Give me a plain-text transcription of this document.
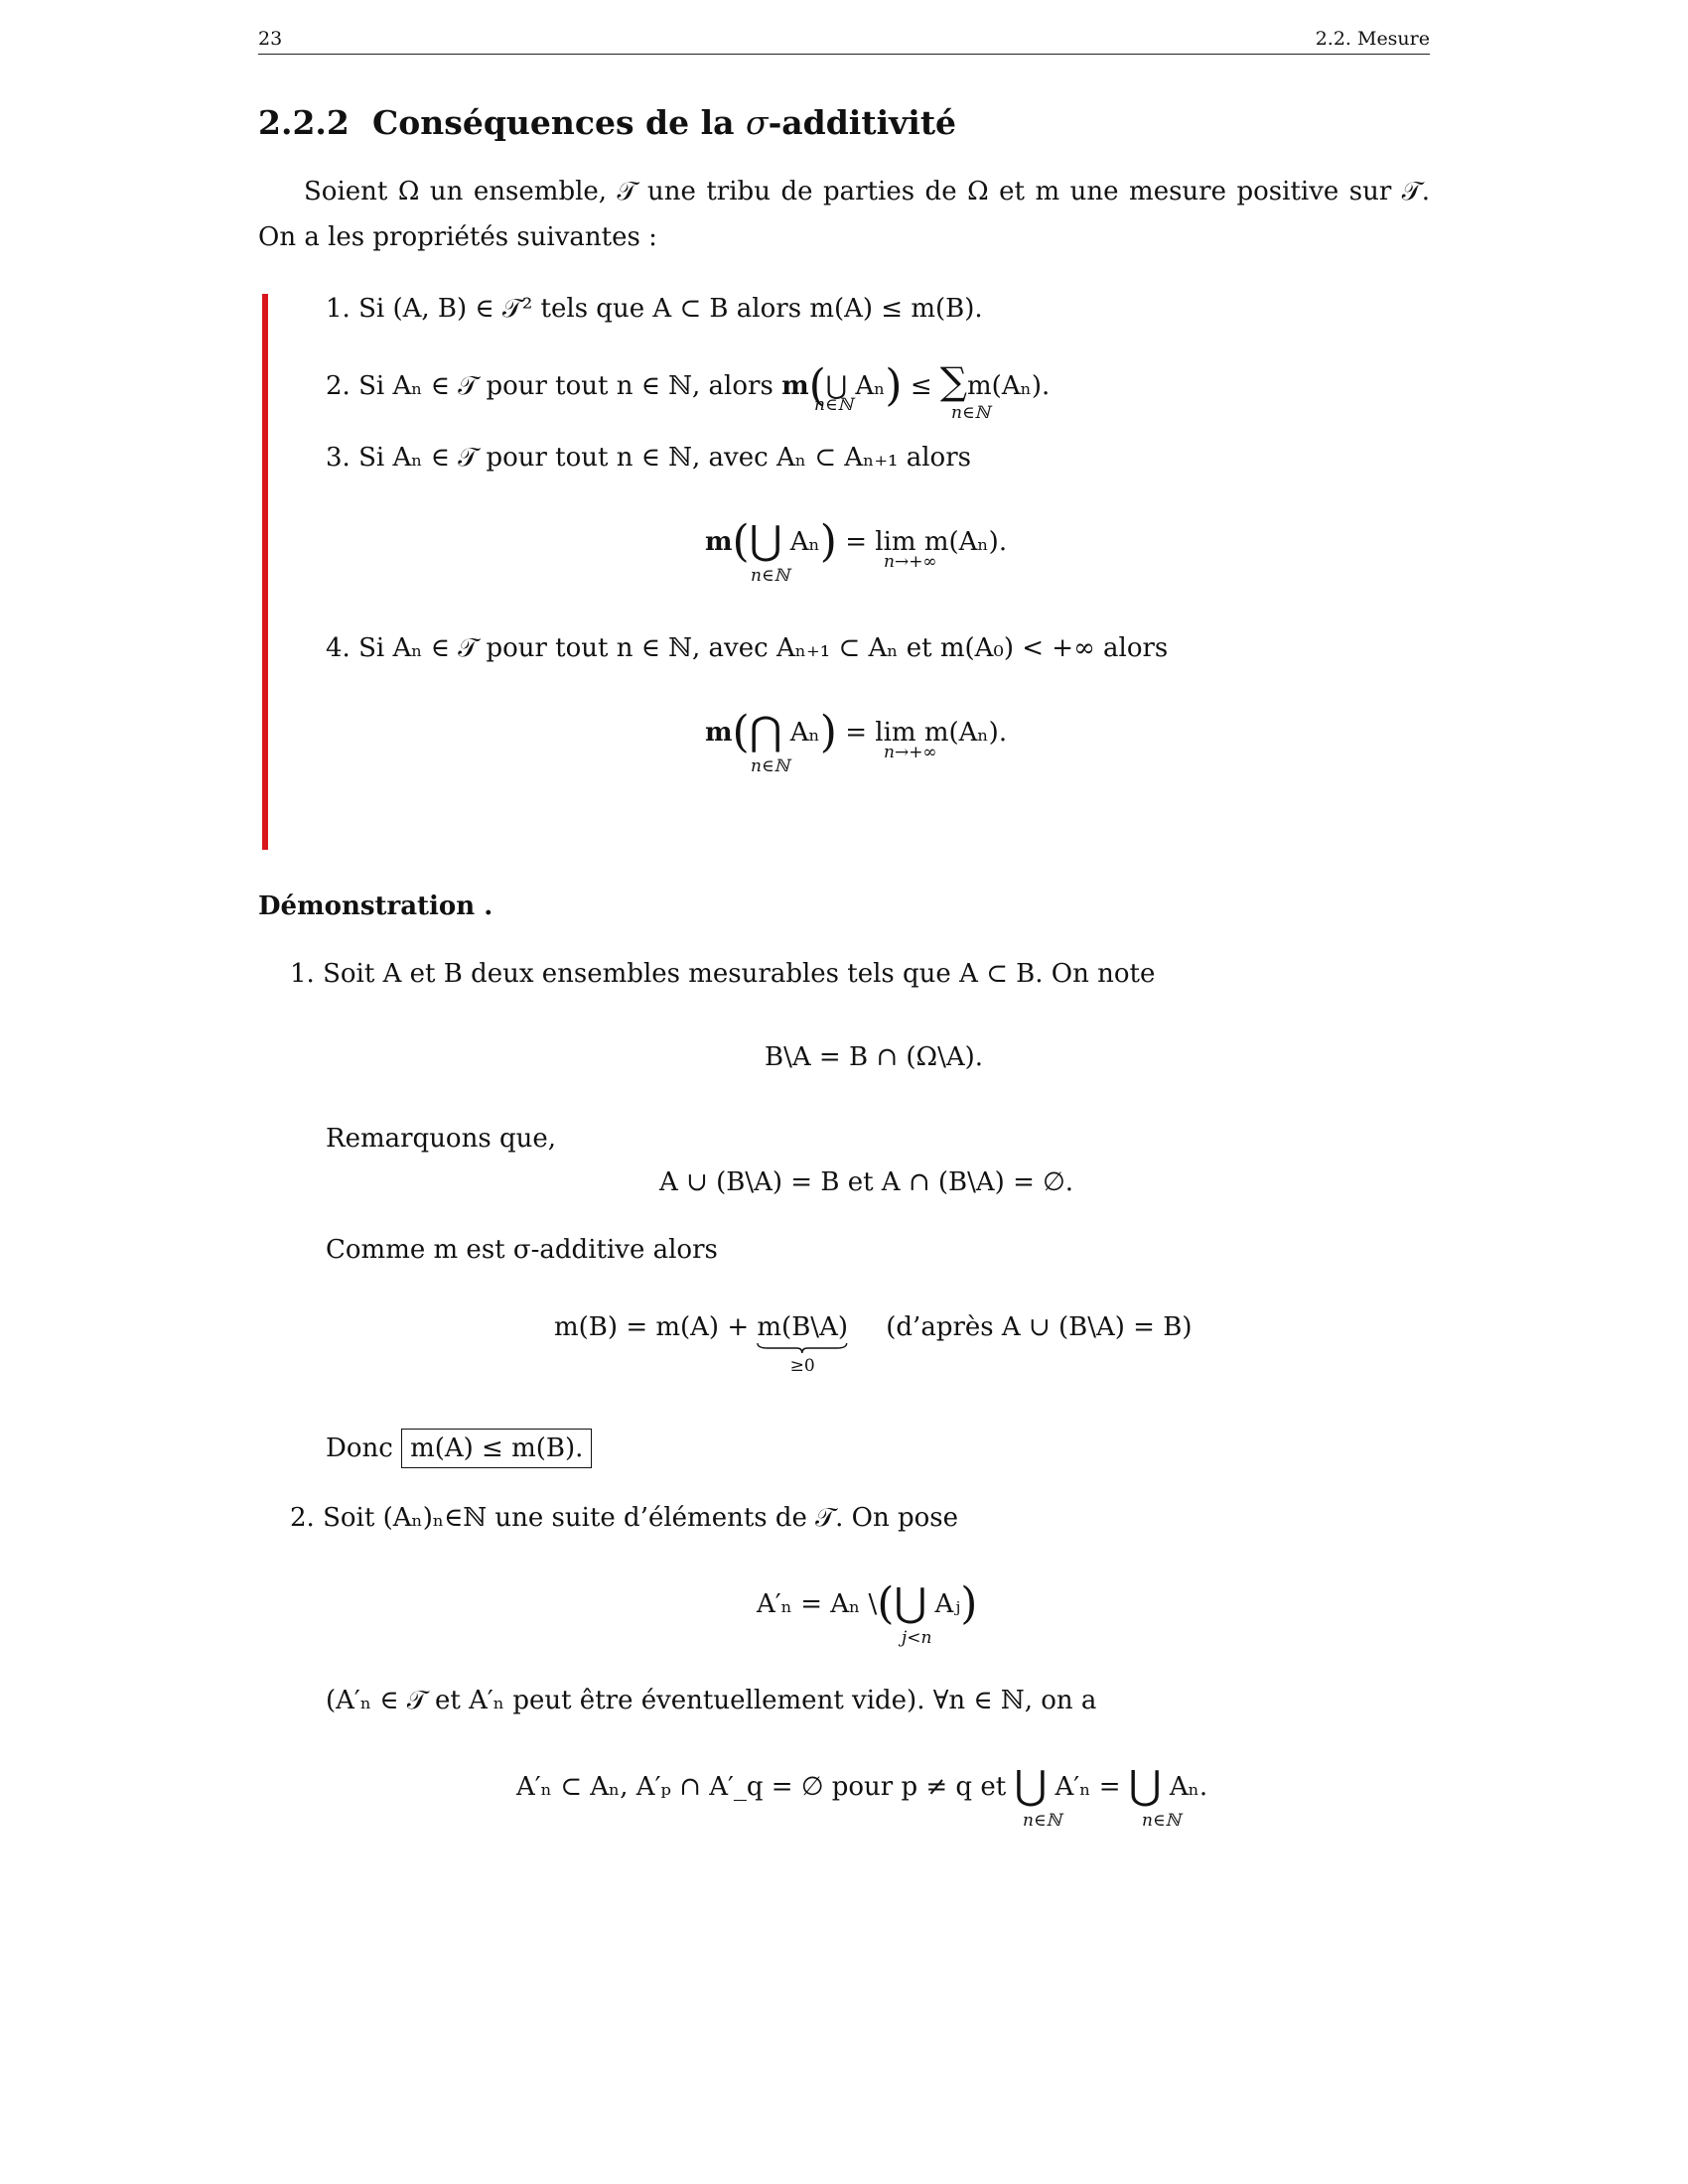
23	2.2. Mesure
2.2.2 Conséquences de la σ-additivité
Soient Ω un ensemble, 𝒯 une tribu de parties de Ω et m une mesure positive sur 𝒯. On a les propriétés suivantes :
1. Si (A, B) ∈ 𝒯² tels que A ⊂ B alors m(A) ≤ m(B).
2. Si Aₙ ∈ 𝒯 pour tout n ∈ ℕ, alors m(⋃ Aₙ) ≤ ∑m(Aₙ).
n∈ℕ	n∈ℕ
3. Si Aₙ ∈ 𝒯 pour tout n ∈ ℕ, avec Aₙ ⊂ Aₙ₊₁ alors
m(⋃ Aₙ) = lim m(Aₙ).
n∈ℕ
n→+∞
4. Si Aₙ ∈ 𝒯 pour tout n ∈ ℕ, avec Aₙ₊₁ ⊂ Aₙ et m(A₀) < +∞ alors
m(⋂ Aₙ) = lim m(Aₙ).
n∈ℕ
n→+∞
Démonstration .
1. Soit A et B deux ensembles mesurables tels que A ⊂ B. On note
B\A = B ∩ (Ω\A).
Remarquons que,
A ∪ (B\A) = B et A ∩ (B\A) = ∅.
Comme m est σ-additive alors
m(B) = m(A) + m(B\A)
≥0
(d’après A ∪ (B\A) = B)
Donc m(A) ≤ m(B).
2. Soit (Aₙ)ₙ∈ℕ une suite d’éléments de 𝒯. On pose
A′ₙ = Aₙ \(⋃ Aⱼ)
j<n
(A′ₙ ∈ 𝒯 et A′ₙ peut être éventuellement vide). ∀n ∈ ℕ, on a
A′ₙ ⊂ Aₙ, A′ₚ ∩ A′_q = ∅ pour p ≠ q et ⋃ A′ₙ = ⋃ Aₙ.
n∈ℕ	n∈ℕ
